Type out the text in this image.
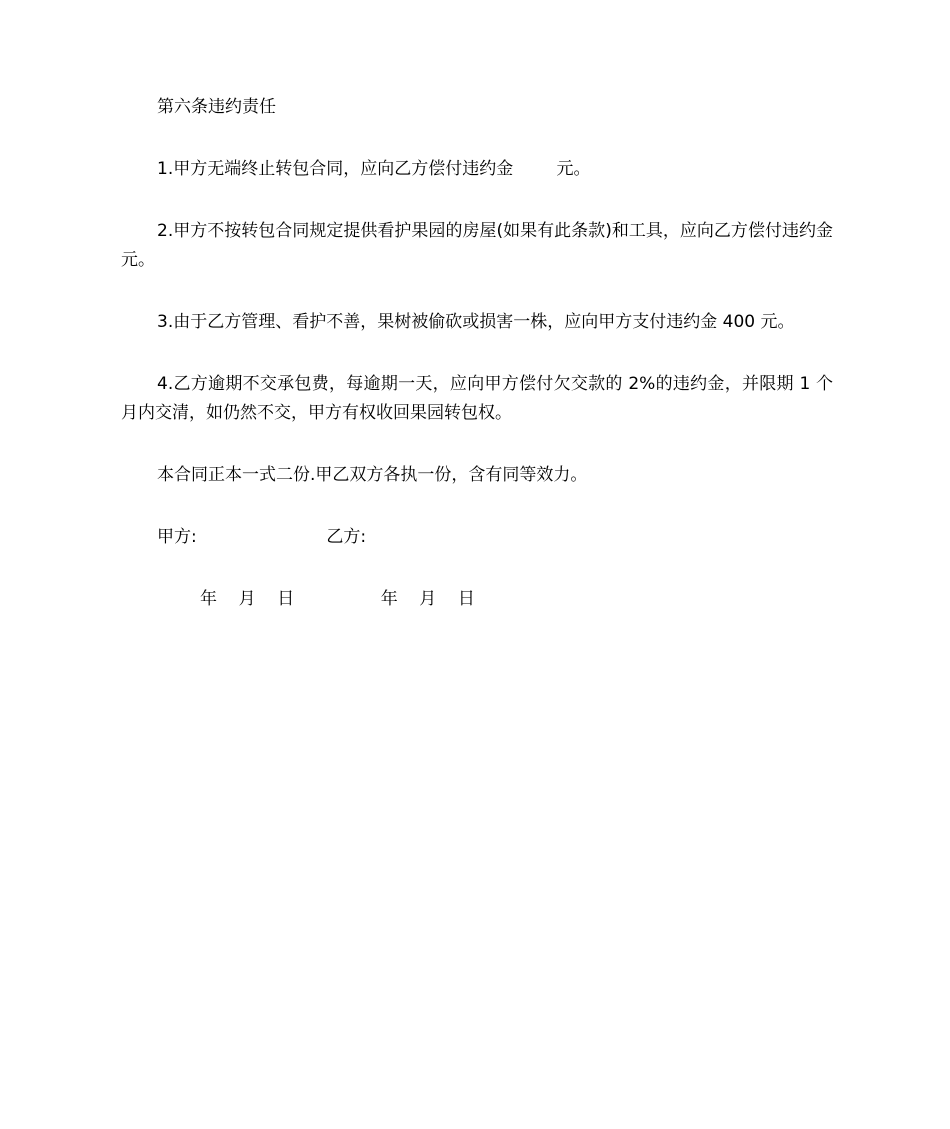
第六条违约责任

1.甲方无端终止转包合同，应向乙方偿付违约金        元。

2.甲方不按转包合同规定提供看护果园的房屋(如果有此条款)和工具，应向乙方偿付违约金          元。

3.由于乙方管理、看护不善，果树被偷砍或损害一株，应向甲方支付违约金 400 元。

4.乙方逾期不交承包费，每逾期一天，应向甲方偿付欠交款的 2%的违约金，并限期 1 个月内交清，如仍然不交，甲方有权收回果园转包权。

本合同正本一式二份.甲乙双方各执一份，含有同等效力。

甲方:                        乙方:

年    月    日                年    月    日
